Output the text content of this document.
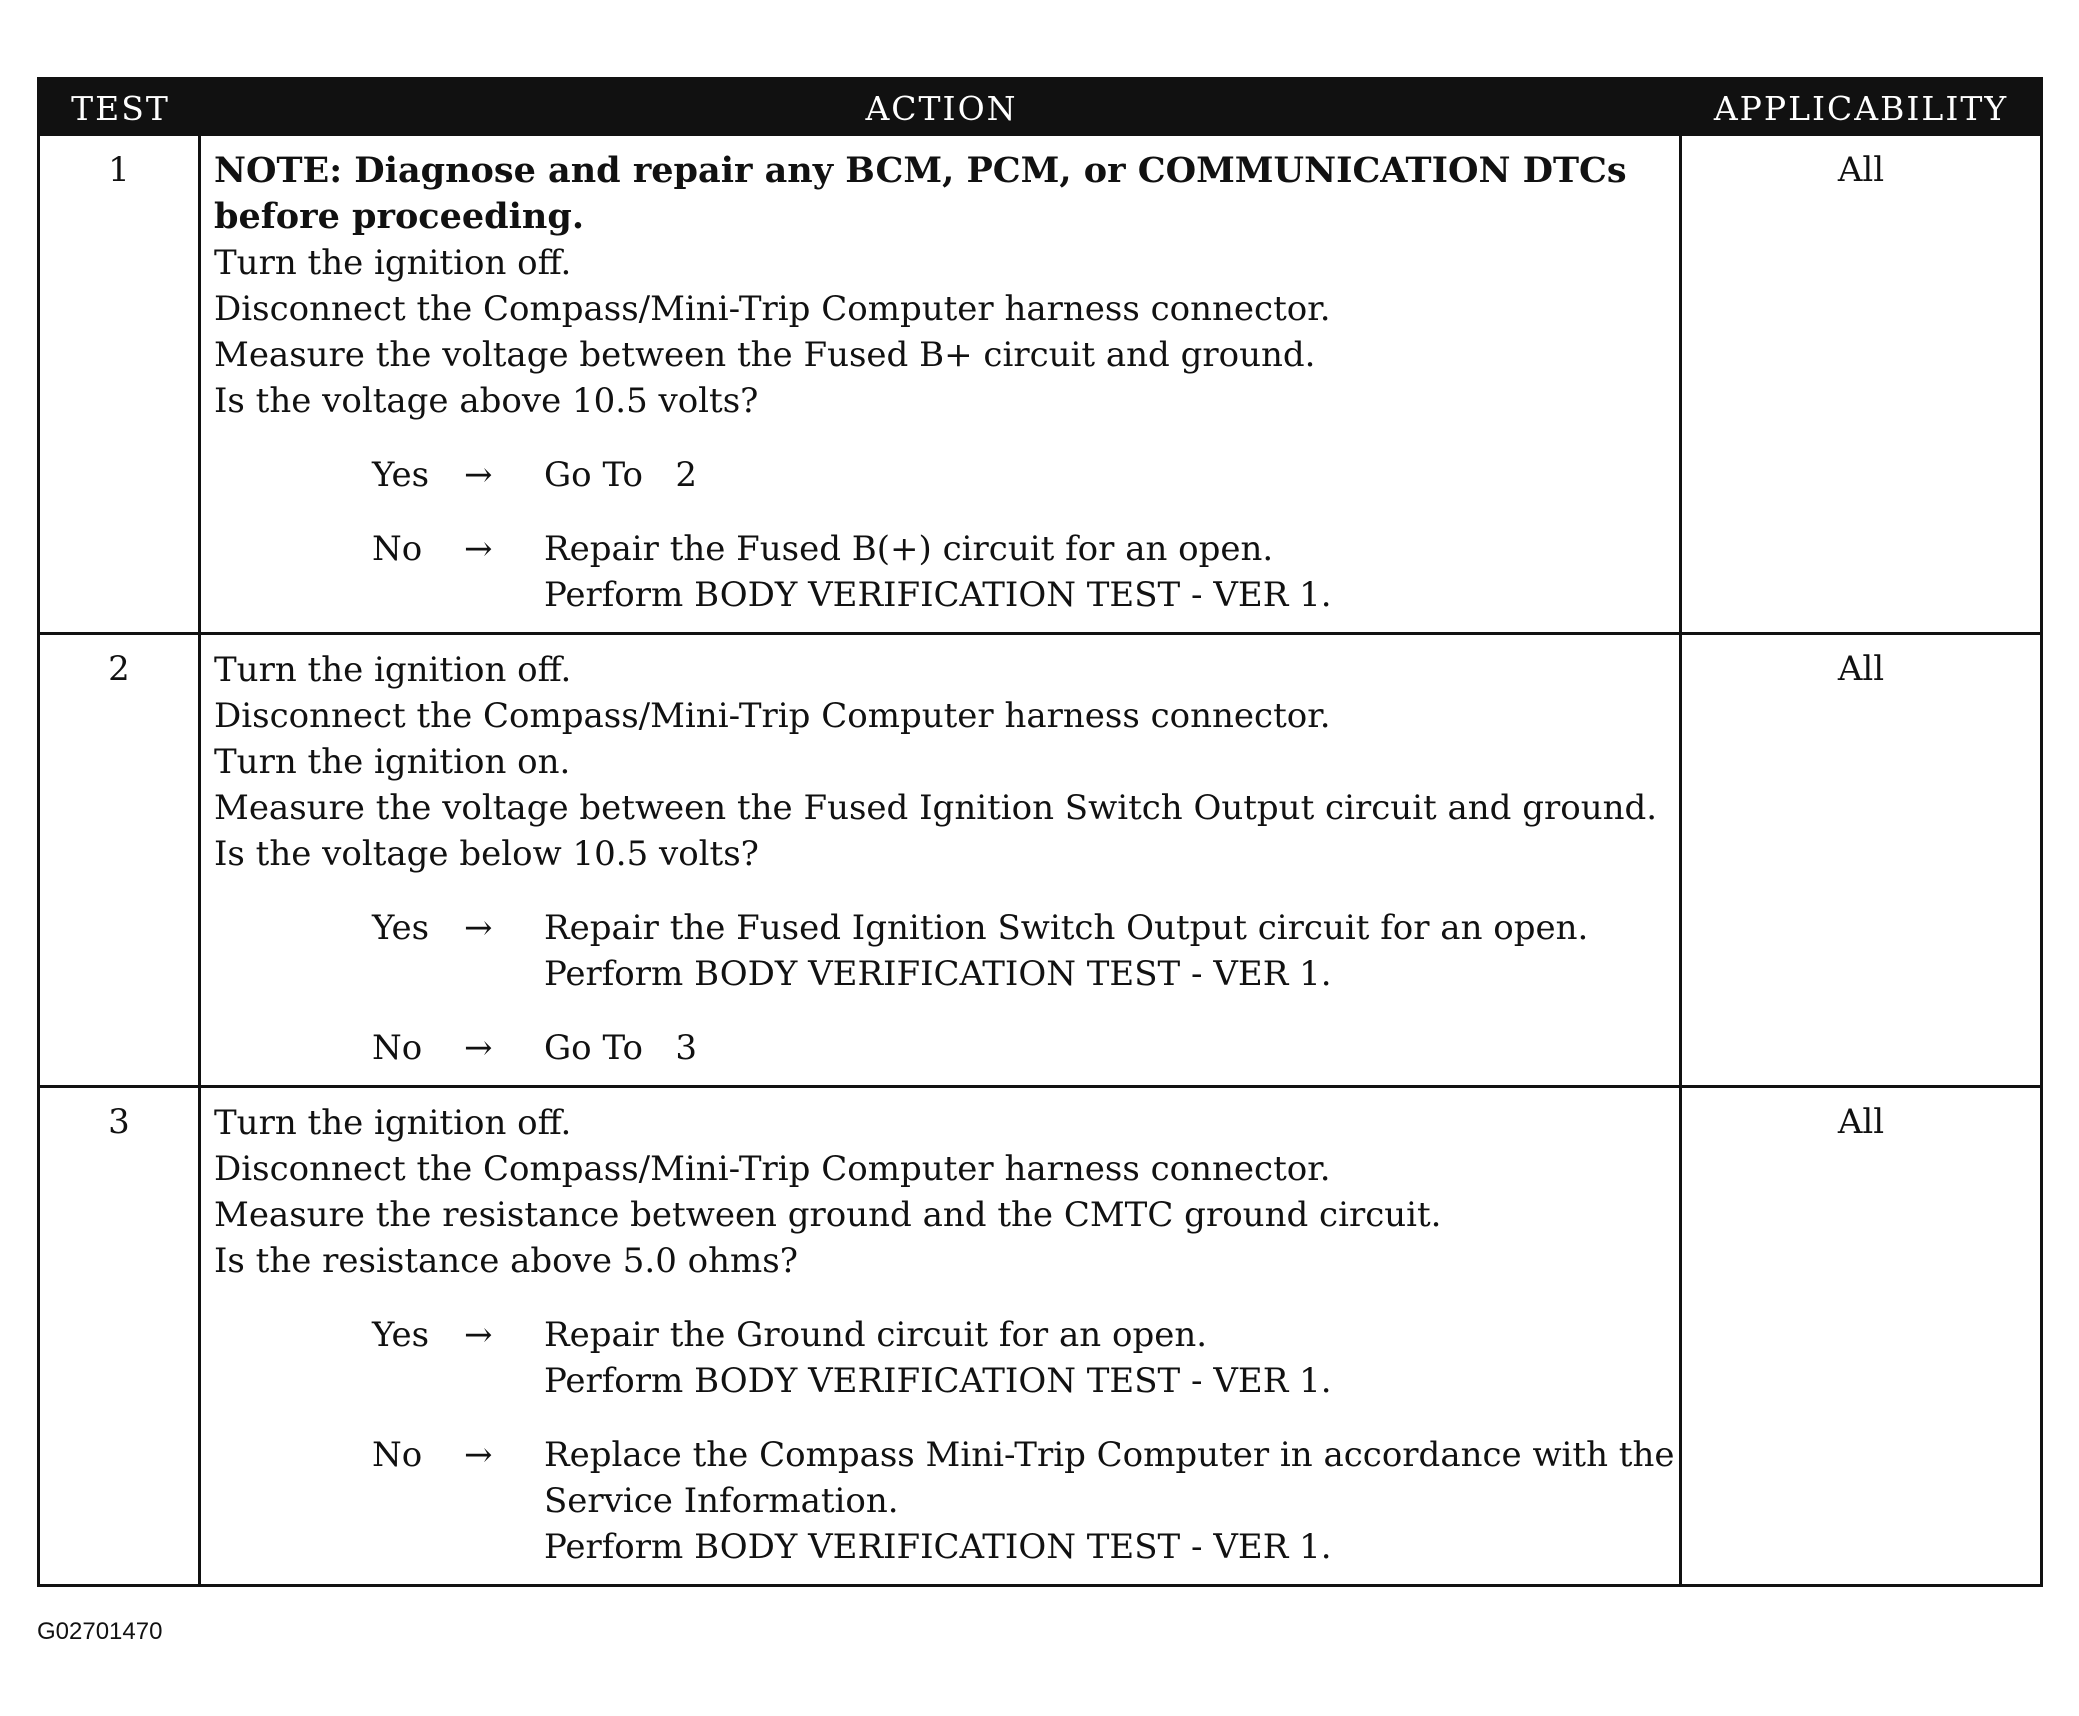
TEST	ACTION	APPLICABILITY
1	NOTE: Diagnose and repair any BCM, PCM, or COMMUNICATION DTCs before proceeding.
Turn the ignition off.
Disconnect the Compass/Mini-Trip Computer harness connector.
Measure the voltage between the Fused B+ circuit and ground.
Is the voltage above 10.5 volts?
Yes	→	Go To   2
No	→	Repair the Fused B(+) circuit for an open.
Perform BODY VERIFICATION TEST - VER 1.
All
2	Turn the ignition off.
Disconnect the Compass/Mini-Trip Computer harness connector.
Turn the ignition on.
Measure the voltage between the Fused Ignition Switch Output circuit and ground.
Is the voltage below 10.5 volts?
Yes	→	Repair the Fused Ignition Switch Output circuit for an open.
Perform BODY VERIFICATION TEST - VER 1.
No	→	Go To   3
All
3	Turn the ignition off.
Disconnect the Compass/Mini-Trip Computer harness connector.
Measure the resistance between ground and the CMTC ground circuit.
Is the resistance above 5.0 ohms?
Yes	→	Repair the Ground circuit for an open.
Perform BODY VERIFICATION TEST - VER 1.
No	→	Replace the Compass Mini-Trip Computer in accordance with the
Service Information.
Perform BODY VERIFICATION TEST - VER 1.
All
G02701470
